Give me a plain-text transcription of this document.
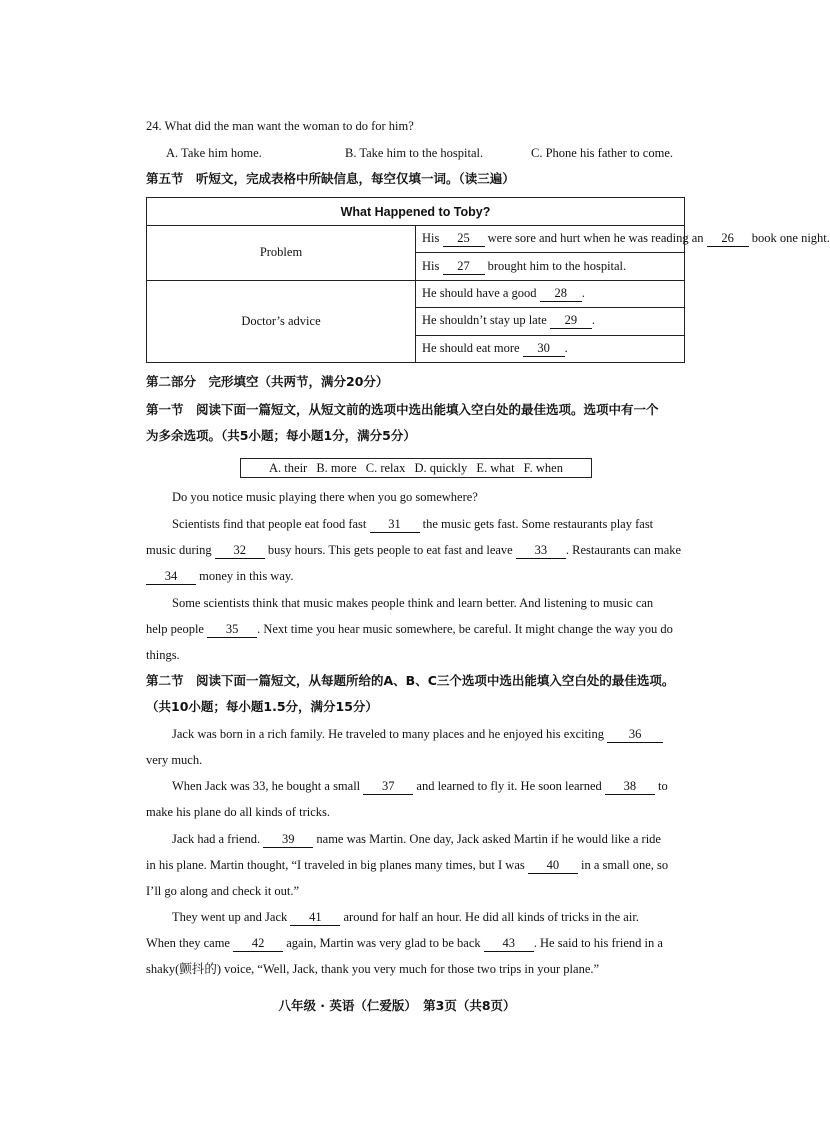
24. What did the man want the woman to do for him?
A. Take him home.	B. Take him to the hospital.	C. Phone his father to come.
第五节　听短文，完成表格中所缺信息，每空仅填一词。（读三遍）
What Happened to Toby?	
Problem	His 25 were sore and hurt when he was reading an 26 book one night.
	His 27 brought him to the hospital.
Doctor’s advice	He should have a good 28 .
	He shouldn’t stay up late 29 .
	He should eat more 30 .
第二部分　完形填空（共两节，满分20分）
第一节　阅读下面一篇短文，从短文前的选项中选出能填入空白处的最佳选项。选项中有一个
为多余选项。（共5小题；每小题1分，满分5分）
A. their B. more C. relax D. quickly E. what F. when
Do you notice music playing there when you go somewhere?
Scientists find that people eat food fast 31 the music gets fast. Some restaurants play fast
music during 32 busy hours. This gets people to eat fast and leave 33 . Restaurants can make
34 money in this way.
Some scientists think that music makes people think and learn better. And listening to music can
help people 35 . Next time you hear music somewhere, be careful. It might change the way you do
things.
第二节　阅读下面一篇短文，从每题所给的A、B、C三个选项中选出能填入空白处的最佳选项。
（共10小题；每小题1.5分，满分15分）
Jack was born in a rich family. He traveled to many places and he enjoyed his exciting 36
very much.
When Jack was 33, he bought a small 37 and learned to fly it. He soon learned 38 to
make his plane do all kinds of tricks.
Jack had a friend. 39 name was Martin. One day, Jack asked Martin if he would like a ride
in his plane. Martin thought, “I traveled in big planes many times, but I was 40 in a small one, so
I’ll go along and check it out.”
They went up and Jack 41 around for half an hour. He did all kinds of tricks in the air.
When they came 42 again, Martin was very glad to be back 43 . He said to his friend in a
shaky(颤抖的) voice, “Well, Jack, thank you very much for those two trips in your plane.”
八年级 · 英语（仁爱版）　第3页（共8页）
